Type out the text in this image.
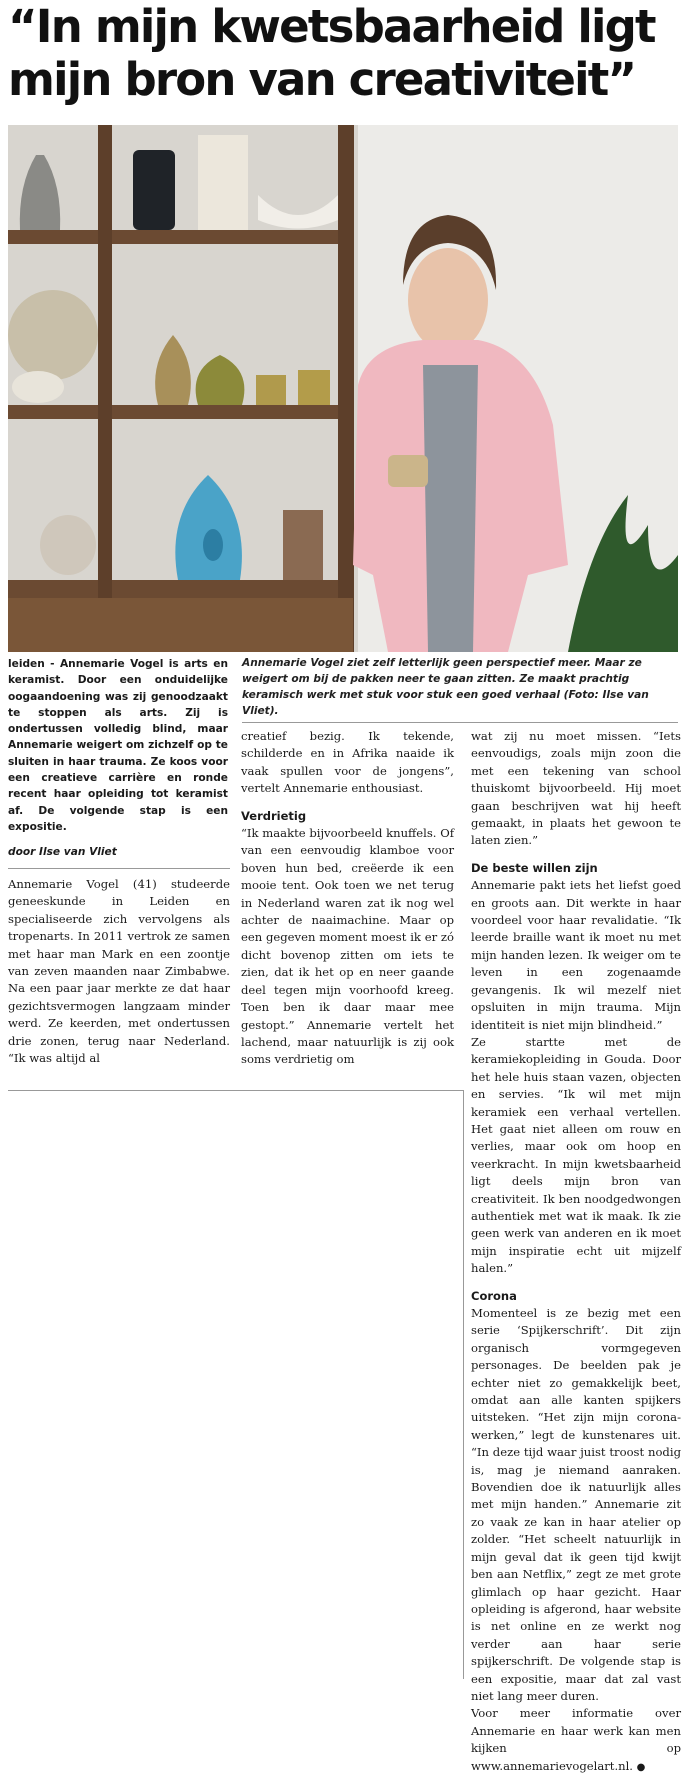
“In mijn kwetsbaarheid ligt mijn bron van creativiteit”

Annemarie Vogel ziet zelf letterlijk geen perspectief meer. Maar ze weigert om bij de pakken neer te gaan zitten. Ze maakt prachtig keramisch werk met stuk voor stuk een goed verhaal (Foto: Ilse van Vliet).

leiden - Annemarie Vogel is arts en keramist. Door een onduidelijke oogaandoening was zij genoodzaakt te stoppen als arts. Zij is ondertussen volledig blind, maar Annemarie weigert om zichzelf op te sluiten in haar trauma. Ze koos voor een creatieve carrière en ronde recent haar opleiding tot keramist af. De volgende stap is een expositie.

door Ilse van Vliet

Annemarie Vogel (41) studeerde geneeskunde in Leiden en specialiseerde zich vervolgens als tropenarts. In 2011 vertrok ze samen met haar man Mark en een zoontje van zeven maanden naar Zimbabwe. Na een paar jaar merkte ze dat haar gezichtsvermogen langzaam minder werd. Ze keerden, met ondertussen drie zonen, terug naar Nederland. “Ik was altijd al

creatief bezig. Ik tekende, schilderde en in Afrika naaide ik vaak spullen voor de jongens”, vertelt Annemarie enthousiast.

Verdrietig

“Ik maakte bijvoorbeeld knuffels. Of van een eenvoudig klamboe voor boven hun bed, creëerde ik een mooie tent. Ook toen we net terug in Nederland waren zat ik nog wel achter de naaimachine. Maar op een gegeven moment moest ik er zó dicht bovenop zitten om iets te zien, dat ik het op en neer gaande deel tegen mijn voorhoofd kreeg. Toen ben ik daar maar mee gestopt.” Annemarie vertelt het lachend, maar natuurlijk is zij ook soms verdrietig om

wat zij nu moet missen. “Iets eenvoudigs, zoals mijn zoon die met een tekening van school thuiskomt bijvoorbeeld. Hij moet gaan beschrijven wat hij heeft gemaakt, in plaats het gewoon te laten zien.”

De beste willen zijn

Annemarie pakt iets het liefst goed en groots aan. Dit werkte in haar voordeel voor haar revalidatie. “Ik leerde braille want ik moet nu met mijn handen lezen. Ik weiger om te leven in een zogenaamde gevangenis. Ik wil mezelf niet opsluiten in mijn trauma. Mijn identiteit is niet mijn blindheid.”

Ze startte met de keramiekopleiding in Gouda. Door het hele huis staan vazen, objecten en servies. “Ik wil met mijn keramiek een verhaal vertellen. Het gaat niet alleen om rouw en verlies, maar ook om hoop en veerkracht. In mijn kwetsbaarheid ligt deels mijn bron van creativiteit. Ik ben noodgedwongen authentiek met wat ik maak. Ik zie geen werk van anderen en ik moet mijn inspiratie echt uit mijzelf halen.”

Corona

Momenteel is ze bezig met een serie ‘Spijkerschrift’. Dit zijn organisch vormgegeven personages. De beelden pak je echter niet zo gemakkelijk beet, omdat aan alle kanten spijkers uitsteken. “Het zijn mijn corona-werken,” legt de kunstenares uit. “In deze tijd waar juist troost nodig is, mag je niemand aanraken. Bovendien doe ik natuurlijk alles met mijn handen.” Annemarie zit zo vaak ze kan in haar atelier op zolder. “Het scheelt natuurlijk in mijn geval dat ik geen tijd kwijt ben aan Netflix,” zegt ze met grote glimlach op haar gezicht. Haar opleiding is afgerond, haar website is net online en ze werkt nog verder aan haar serie spijkerschrift. De volgende stap is een expositie, maar dat zal vast niet lang meer duren.

Voor meer informatie over Annemarie en haar werk kan men kijken op www.annemarievogelart.nl. ●
